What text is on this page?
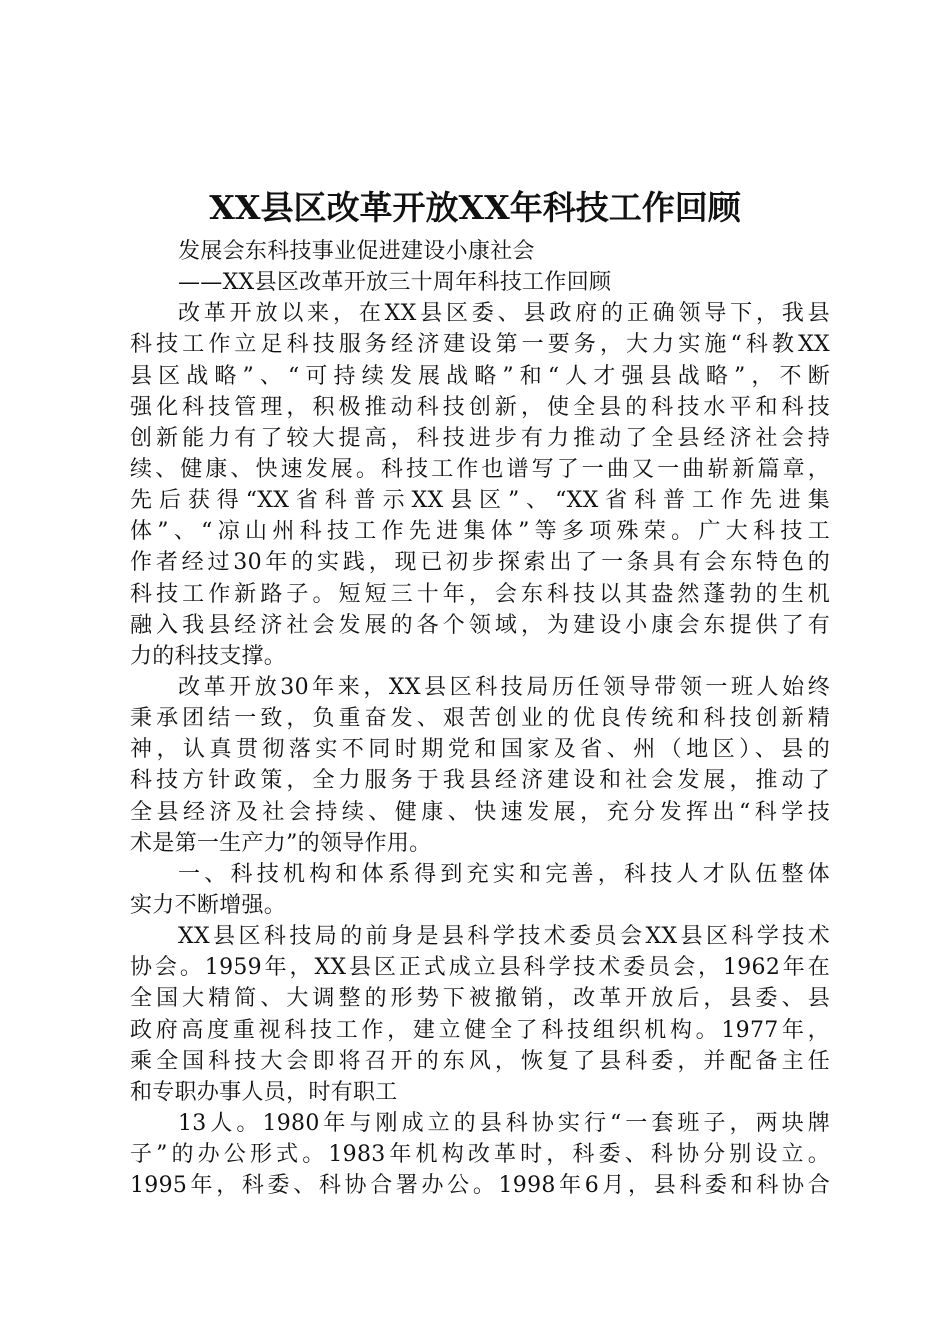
XX县区改革开放XX年科技工作回顾
发展会东科技事业促进建设小康社会
——XX县区改革开放三十周年科技工作回顾
改革开放以来，在XX县区委、县政府的正确领导下，我县
科技工作立足科技服务经济建设第一要务，大力实施“科教XX
县区战略”、“可持续发展战略”和“人才强县战略”，不断
强化科技管理，积极推动科技创新，使全县的科技水平和科技
创新能力有了较大提高，科技进步有力推动了全县经济社会持
续、健康、快速发展。科技工作也谱写了一曲又一曲崭新篇章，
先后获得“XX省科普示XX县区”、“XX省科普工作先进集
体”、“凉山州科技工作先进集体”等多项殊荣。广大科技工
作者经过30年的实践，现已初步探索出了一条具有会东特色的
科技工作新路子。短短三十年，会东科技以其盎然蓬勃的生机
融入我县经济社会发展的各个领域，为建设小康会东提供了有
力的科技支撑。
改革开放30年来，XX县区科技局历任领导带领一班人始终
秉承团结一致，负重奋发、艰苦创业的优良传统和科技创新精
神，认真贯彻落实不同时期党和国家及省、州（地区）、县的
科技方针政策，全力服务于我县经济建设和社会发展，推动了
全县经济及社会持续、健康、快速发展，充分发挥出“科学技
术是第一生产力”的领导作用。
一、科技机构和体系得到充实和完善，科技人才队伍整体
实力不断增强。
XX县区科技局的前身是县科学技术委员会XX县区科学技术
协会。1959年，XX县区正式成立县科学技术委员会，1962年在
全国大精简、大调整的形势下被撤销，改革开放后，县委、县
政府高度重视科技工作，建立健全了科技组织机构。1977年，
乘全国科技大会即将召开的东风，恢复了县科委，并配备主任
和专职办事人员，时有职工
13人。1980年与刚成立的县科协实行“一套班子，两块牌
子”的办公形式。1983年机构改革时，科委、科协分别设立。
1995年，科委、科协合署办公。1998年6月，县科委和科协合
